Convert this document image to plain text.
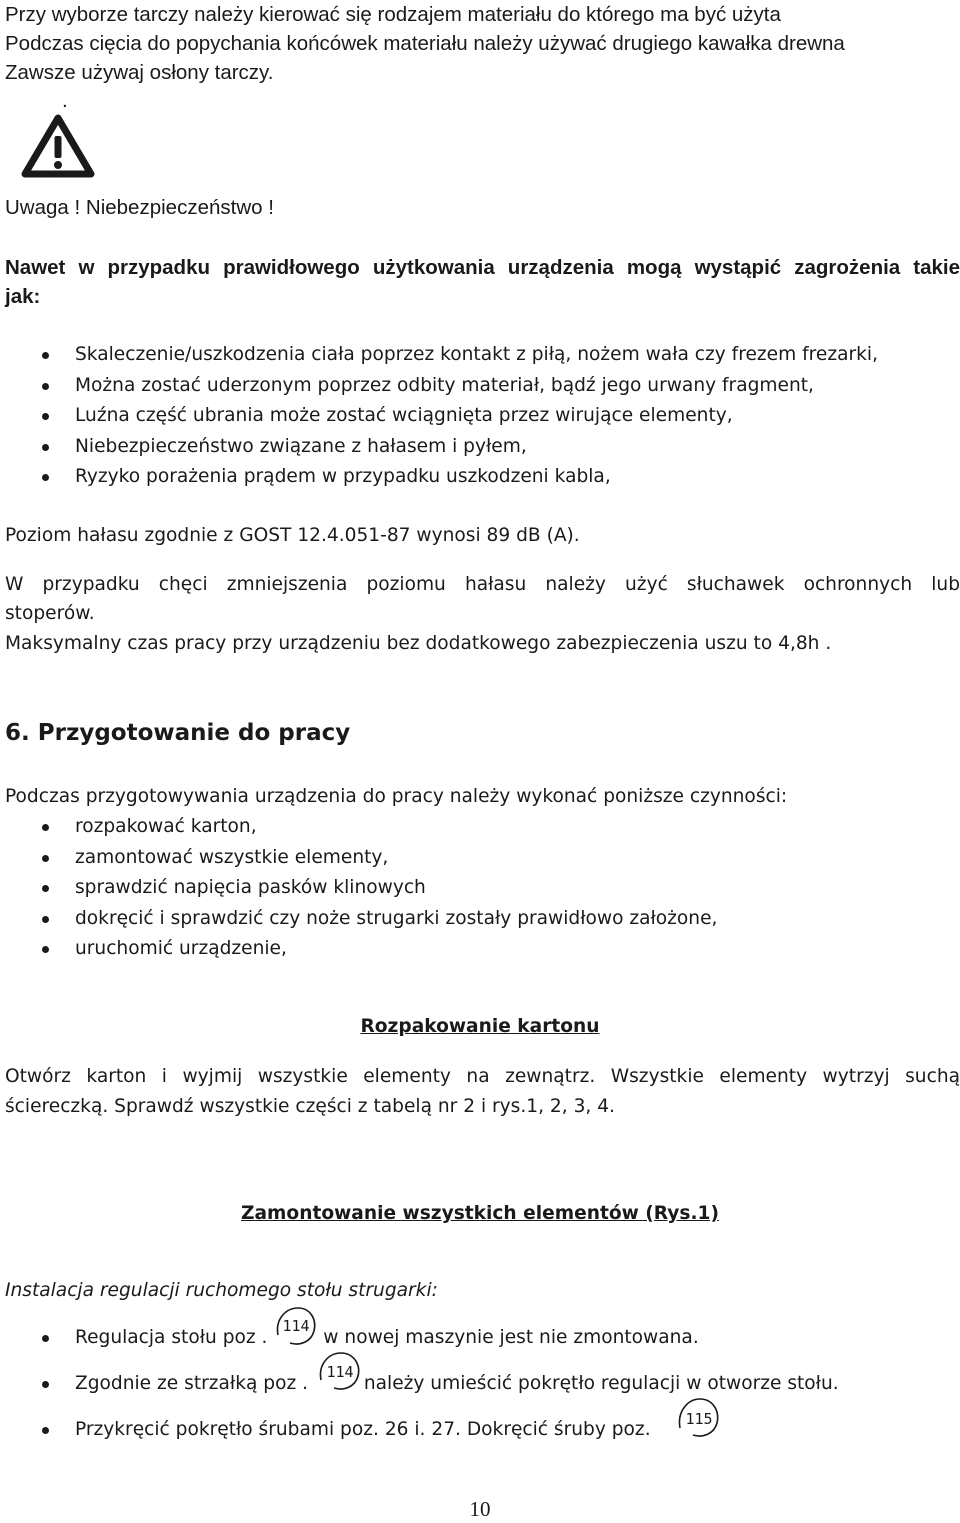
Przy wyborze tarczy należy kierować się rodzajem materiału do którego ma być użyta
Podczas cięcia do popychania końcówek materiału należy używać drugiego kawałka drewna
Zawsze używaj osłony tarczy.
.
Uwaga ! Niebezpieczeństwo !
Nawet w przypadku prawidłowego użytkowania urządzenia mogą wystąpić zagrożenia takie
jak:
Skaleczenie/uszkodzenia ciała poprzez kontakt z piłą, nożem wała czy frezem frezarki,
Można zostać uderzonym poprzez odbity materiał, bądź jego urwany fragment,
Luźna część ubrania może zostać wciągnięta przez wirujące elementy,
Niebezpieczeństwo związane z hałasem i pyłem,
Ryzyko porażenia prądem w przypadku uszkodzeni kabla,
Poziom hałasu zgodnie z GOST 12.4.051-87 wynosi 89 dB (A).
W przypadku chęci zmniejszenia poziomu hałasu należy użyć słuchawek ochronnych lub
stoperów.
Maksymalny czas pracy przy urządzeniu bez dodatkowego zabezpieczenia uszu to 4,8h .
6. Przygotowanie do pracy
Podczas przygotowywania urządzenia do pracy należy wykonać poniższe czynności:
rozpakować karton,
zamontować wszystkie elementy,
sprawdzić napięcia pasków klinowych
dokręcić i sprawdzić czy noże strugarki zostały prawidłowo założone,
uruchomić urządzenie,
Rozpakowanie kartonu
Otwórz karton i wyjmij wszystkie elementy na zewnątrz. Wszystkie elementy wytrzyj suchą
ściereczką. Sprawdź wszystkie części z tabelą nr 2 i rys.1, 2, 3, 4.
Zamontowanie wszystkich elementów (Rys.1)
Instalacja regulacji ruchomego stołu strugarki:
Regulacja stołu poz .  w nowej maszynie jest nie zmontowana.
Zgodnie ze strzałką poz .  należy umieścić pokrętło regulacji w otworze stołu.
Przykręcić pokrętło śrubami poz. 26 i. 27. Dokręcić śruby poz.
114
114
115
10
